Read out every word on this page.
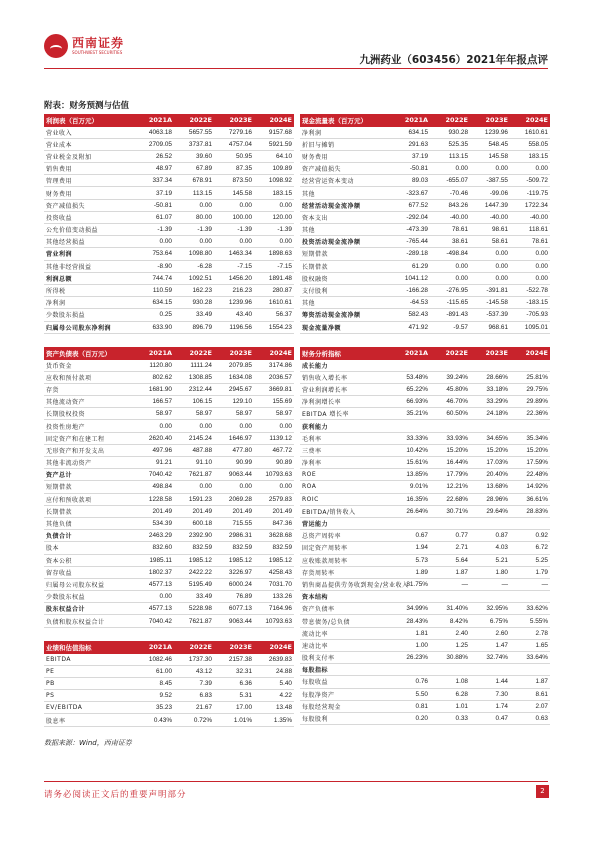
西南证券
SOUTHWEST SECURITIES
九洲药业（603456）2021年年报点评
附表：财务预测与估值
利润表（百万元）	2021A	2022E	2023E	2024E
营业收入	4063.18	5657.55	7279.16	9157.68
营业成本	2709.05	3737.81	4757.04	5921.59
营业税金及附加	26.52	39.60	50.95	64.10
销售费用	48.97	67.89	87.35	109.89
管理费用	337.34	678.91	873.50	1098.92
财务费用	37.19	113.15	145.58	183.15
资产减值损失	-50.81	0.00	0.00	0.00
投资收益	61.07	80.00	100.00	120.00
公允价值变动损益	-1.39	-1.39	-1.39	-1.39
其他经营损益	0.00	0.00	0.00	0.00
营业利润	753.64	1098.80	1463.34	1898.63
其他非经营损益	-8.90	-6.28	-7.15	-7.15
利润总额	744.74	1092.51	1456.20	1891.48
所得税	110.59	162.23	216.23	280.87
净利润	634.15	930.28	1239.96	1610.61
少数股东损益	0.25	33.49	43.40	56.37
归属母公司股东净利润	633.90	896.79	1196.56	1554.23
现金流量表（百万元）	2021A	2022E	2023E	2024E
净利润	634.15	930.28	1239.96	1610.61
折旧与摊销	291.63	525.35	548.45	558.05
财务费用	37.19	113.15	145.58	183.15
资产减值损失	-50.81	0.00	0.00	0.00
经营营运资本变动	89.03	-655.07	-387.55	-509.72
其他	-323.67	-70.46	-99.06	-119.75
经营活动现金流净额	677.52	843.26	1447.39	1722.34
资本支出	-292.04	-40.00	-40.00	-40.00
其他	-473.39	78.61	98.61	118.61
投资活动现金流净额	-765.44	38.61	58.61	78.61
短期借款	-289.18	-498.84	0.00	0.00
长期借款	61.29	0.00	0.00	0.00
股权融资	1041.12	0.00	0.00	0.00
支付股利	-166.28	-276.95	-391.81	-522.78
其他	-64.53	-115.65	-145.58	-183.15
筹资活动现金流净额	582.43	-891.43	-537.39	-705.93
现金流量净额	471.92	-9.57	968.61	1095.01
资产负债表（百万元）	2021A	2022E	2023E	2024E
货币资金	1120.80	1111.24	2079.85	3174.86
应收和预付款项	802.62	1308.85	1634.08	2036.57
存货	1681.90	2312.44	2945.67	3669.81
其他流动资产	166.57	106.15	129.10	155.69
长期股权投资	58.97	58.97	58.97	58.97
投资性房地产	0.00	0.00	0.00	0.00
固定资产和在建工程	2620.40	2145.24	1646.97	1139.12
无形资产和开发支出	497.96	487.88	477.80	467.72
其他非流动资产	91.21	91.10	90.99	90.89
资产总计	7040.42	7621.87	9063.44	10793.63
短期借款	498.84	0.00	0.00	0.00
应付和预收款项	1228.58	1591.23	2069.28	2579.83
长期借款	201.49	201.49	201.49	201.49
其他负债	534.39	600.18	715.55	847.36
负债合计	2463.29	2392.90	2986.31	3628.68
股本	832.60	832.59	832.59	832.59
资本公积	1985.11	1985.12	1985.12	1985.12
留存收益	1802.37	2422.22	3226.97	4258.43
归属母公司股东权益	4577.13	5195.49	6000.24	7031.70
少数股东权益	0.00	33.49	76.89	133.26
股东权益合计	4577.13	5228.98	6077.13	7164.96
负债和股东权益合计	7040.42	7621.87	9063.44	10793.63
业绩和估值指标	2021A	2022E	2023E	2024E
EBITDA	1082.46	1737.30	2157.38	2639.83
PE	61.00	43.12	32.31	24.88
PB	8.45	7.39	6.36	5.40
PS	9.52	6.83	5.31	4.22
EV/EBITDA	35.23	21.67	17.00	13.48
股息率	0.43%	0.72%	1.01%	1.35%
财务分析指标	2021A	2022E	2023E	2024E
成长能力				
销售收入增长率	53.48%	39.24%	28.66%	25.81%
营业利润增长率	65.22%	45.80%	33.18%	29.75%
净利润增长率	66.93%	46.70%	33.29%	29.89%
EBITDA 增长率	35.21%	60.50%	24.18%	22.36%
获利能力				
毛利率	33.33%	33.93%	34.65%	35.34%
三费率	10.42%	15.20%	15.20%	15.20%
净利率	15.61%	16.44%	17.03%	17.59%
ROE	13.85%	17.79%	20.40%	22.48%
ROA	9.01%	12.21%	13.68%	14.92%
ROIC	16.35%	22.68%	28.96%	36.61%
EBITDA/销售收入	26.64%	30.71%	29.64%	28.83%
营运能力				
总资产周转率	0.67	0.77	0.87	0.92
固定资产周转率	1.94	2.71	4.03	6.72
应收账款周转率	5.73	5.64	5.21	5.25
存货周转率	1.89	1.87	1.80	1.79
销售商品提供劳务收到现金/营业收入	81.75%	—	—	—
资本结构				
资产负债率	34.99%	31.40%	32.95%	33.62%
带息债务/总负债	28.43%	8.42%	6.75%	5.55%
流动比率	1.81	2.40	2.60	2.78
速动比率	1.00	1.25	1.47	1.65
股利支付率	26.23%	30.88%	32.74%	33.64%
每股指标				
每股收益	0.76	1.08	1.44	1.87
每股净资产	5.50	6.28	7.30	8.61
每股经营现金	0.81	1.01	1.74	2.07
每股股利	0.20	0.33	0.47	0.63
数据来源：Wind，西南证券
请务必阅读正文后的重要声明部分	2
